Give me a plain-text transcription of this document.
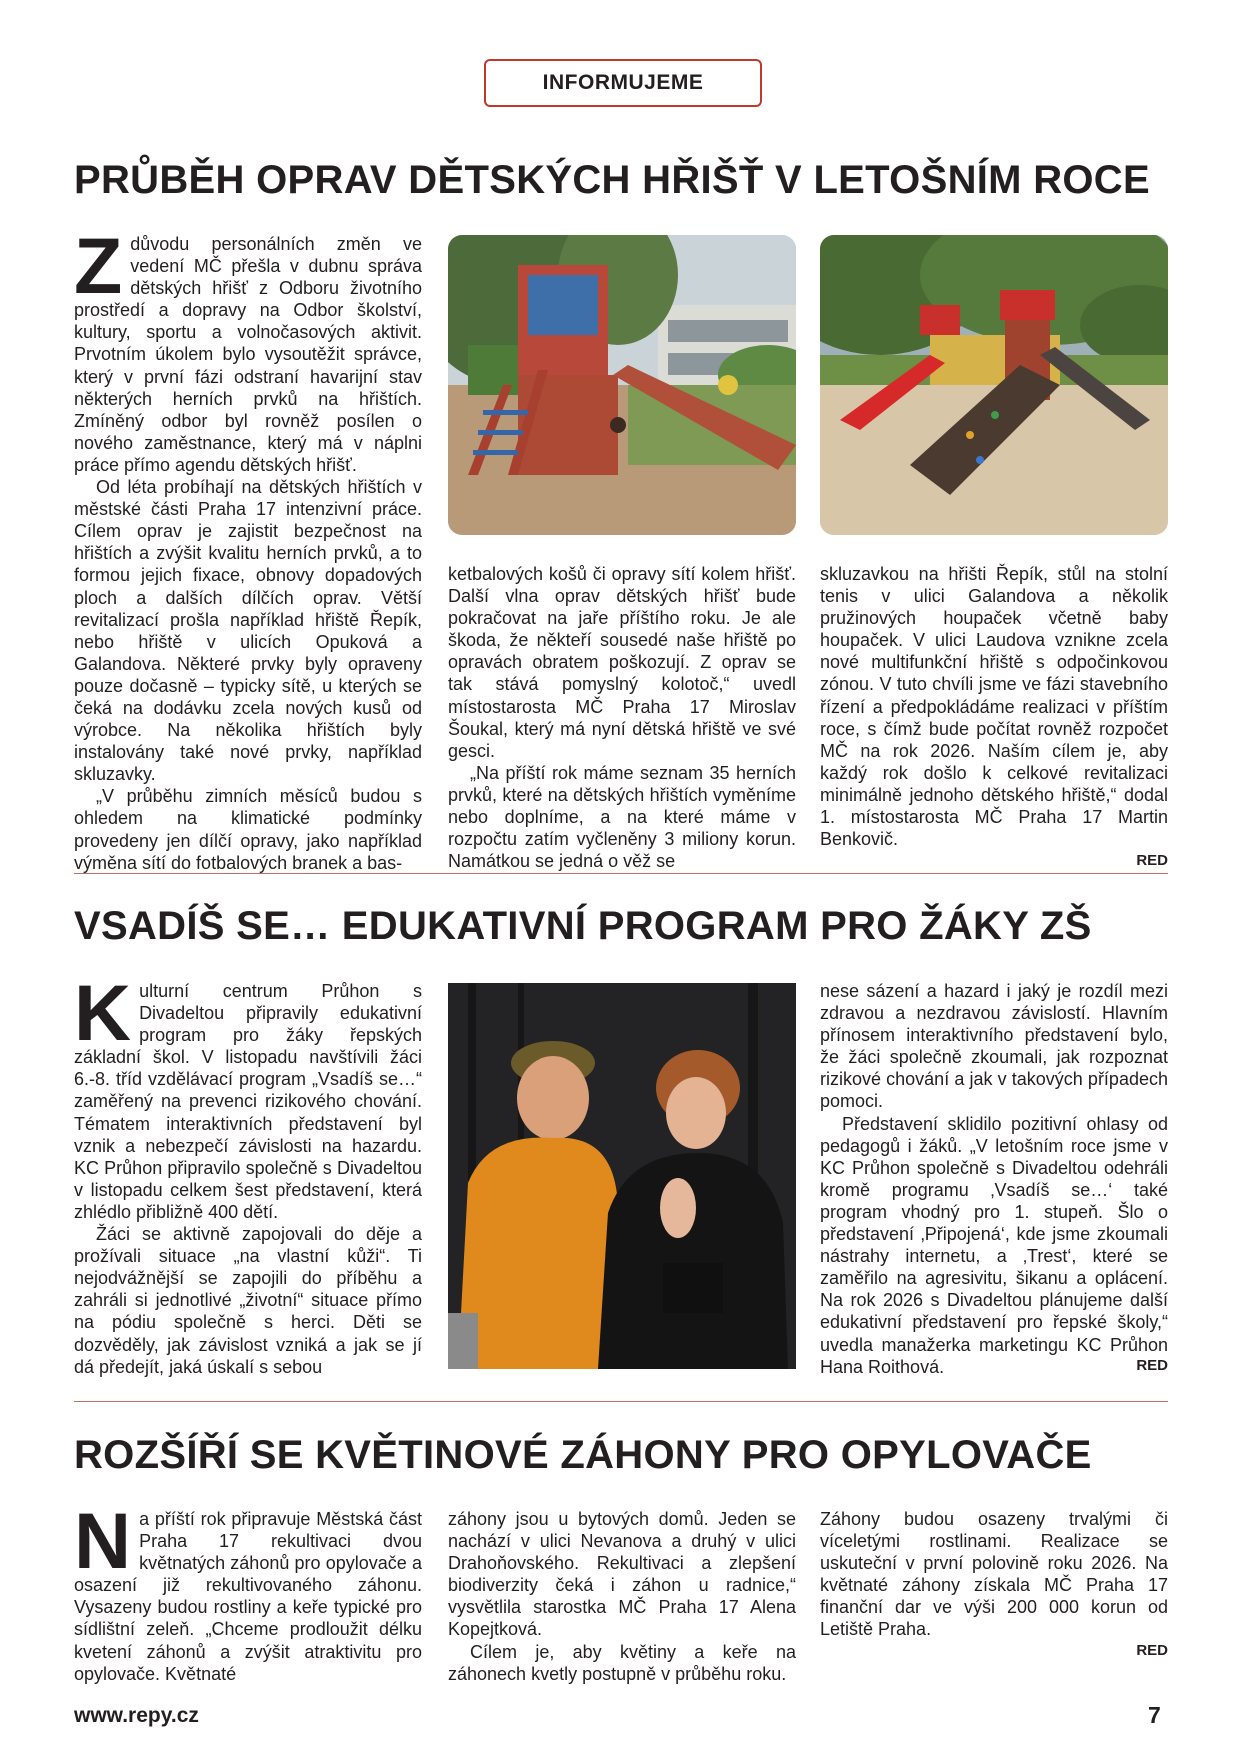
INFORMUJEME
PRŮBĚH OPRAV DĚTSKÝCH HŘIŠŤ V LETOŠNÍM ROCE

Zdůvodu personálních změn ve vedení MČ přešla v dubnu správa dětských hřišť z Odboru životního prostředí a dopravy na Odbor školství, kultury, sportu a volnočasových aktivit. Prvotním úkolem bylo vysoutěžit správce, který v první fázi odstraní havarijní stav některých herních prvků na hřištích. Zmíněný odbor byl rovněž posílen o nového zaměstnance, který má v náplni práce přímo agendu dětských hřišť.

Od léta probíhají na dětských hřištích v městské části Praha 17 intenzivní práce. Cílem oprav je zajistit bezpečnost na hřištích a zvýšit kvalitu herních prvků, a to formou jejich fixace, obnovy dopadových ploch a dalších dílčích oprav. Větší revitalizací prošla například hřiště Řepík, nebo hřiště v ulicích Opuková a Galandova. Některé prvky byly opraveny pouze dočasně – typicky sítě, u kterých se čeká na dodávku zcela nových kusů od výrobce. Na několika hřištích byly instalovány také nové prvky, například skluzavky.

„V průběhu zimních měsíců budou s ohledem na klimatické podmínky provedeny jen dílčí opravy, jako například výměna sítí do fotbalových branek a bas-

ketbalových košů či opravy sítí kolem hřišť. Další vlna oprav dětských hřišť bude pokračovat na jaře příštího roku. Je ale škoda, že někteří sousedé naše hřiště po opravách obratem poškozují. Z oprav se tak stává pomyslný kolotoč,“ uvedl místostarosta MČ Praha 17 Miroslav Šoukal, který má nyní dětská hřiště ve své gesci.

„Na příští rok máme seznam 35 herních prvků, které na dětských hřištích vyměníme nebo doplníme, a na které máme v rozpočtu zatím vyčleněny 3 miliony korun. Namátkou se jedná o věž se

skluzavkou na hřišti Řepík, stůl na stolní tenis v ulici Galandova a několik pružinových houpaček včetně baby houpaček. V ulici Laudova vznikne zcela nové multifunkční hřiště s odpočinkovou zónou. V tuto chvíli jsme ve fázi stavebního řízení a předpokládáme realizaci v příštím roce, s čímž bude počítat rovněž rozpočet MČ na rok 2026. Naším cílem je, aby každý rok došlo k celkové revitalizaci minimálně jednoho dětského hřiště,“ dodal 1. místostarosta MČ Praha 17 Martin Benkovič.

RED
VSADÍŠ SE… EDUKATIVNÍ PROGRAM PRO ŽÁKY ZŠ

Kulturní centrum Průhon s Divadeltou připravily edukativní program pro žáky řepských základní škol. V listopadu navštívili žáci 6.-8. tříd vzdělávací program „Vsadíš se…“ zaměřený na prevenci rizikového chování. Tématem interaktivních představení byl vznik a nebezpečí závislosti na hazardu. KC Průhon připravilo společně s Divadeltou v listopadu celkem šest představení, která zhlédlo přibližně 400 dětí.

Žáci se aktivně zapojovali do děje a prožívali situace „na vlastní kůži“. Ti nejodvážnější se zapojili do příběhu a zahráli si jednotlivé „životní“ situace přímo na pódiu společně s herci. Děti se dozvěděly, jak závislost vzniká a jak se jí dá předejít, jaká úskalí s sebou

nese sázení a hazard i jaký je rozdíl mezi zdravou a nezdravou závislostí. Hlavním přínosem interaktivního představení bylo, že žáci společně zkoumali, jak rozpoznat rizikové chování a jak v takových případech pomoci.

Představení sklidilo pozitivní ohlasy od pedagogů i žáků. „V letošním roce jsme v KC Průhon společně s Divadeltou odehráli kromě programu ‚Vsadíš se…‘ také program vhodný pro 1. stupeň. Šlo o představení ‚Připojená‘, kde jsme zkoumali nástrahy internetu, a ‚Trest‘, které se zaměřilo na agresivitu, šikanu a oplácení. Na rok 2026 s Divadeltou plánujeme další edukativní představení pro řepské školy,“ uvedla manažerka marketingu KC Průhon Hana Roithová.	RED
ROZŠÍŘÍ SE KVĚTINOVÉ ZÁHONY PRO OPYLOVAČE

Na příští rok připravuje Městská část Praha 17 rekultivaci dvou květnatých záhonů pro opylovače a osazení již rekultivovaného záhonu. Vysazeny budou rostliny a keře typické pro sídlištní zeleň. „Chceme prodloužit délku kvetení záhonů a zvýšit atraktivitu pro opylovače. Květnaté

záhony jsou u bytových domů. Jeden se nachází v ulici Nevanova a druhý v ulici Drahoňovského. Rekultivaci a zlepšení biodiverzity čeká i záhon u radnice,“ vysvětlila starostka MČ Praha 17 Alena Kopejtková.

Cílem je, aby květiny a keře na záhonech kvetly postupně v průběhu roku.

Záhony budou osazeny trvalými či víceletými rostlinami. Realizace se uskuteční v první polovině roku 2026. Na květnaté záhony získala MČ Praha 17 finanční dar ve výši 200 000 korun od Letiště Praha.

RED
www.repy.cz	7
